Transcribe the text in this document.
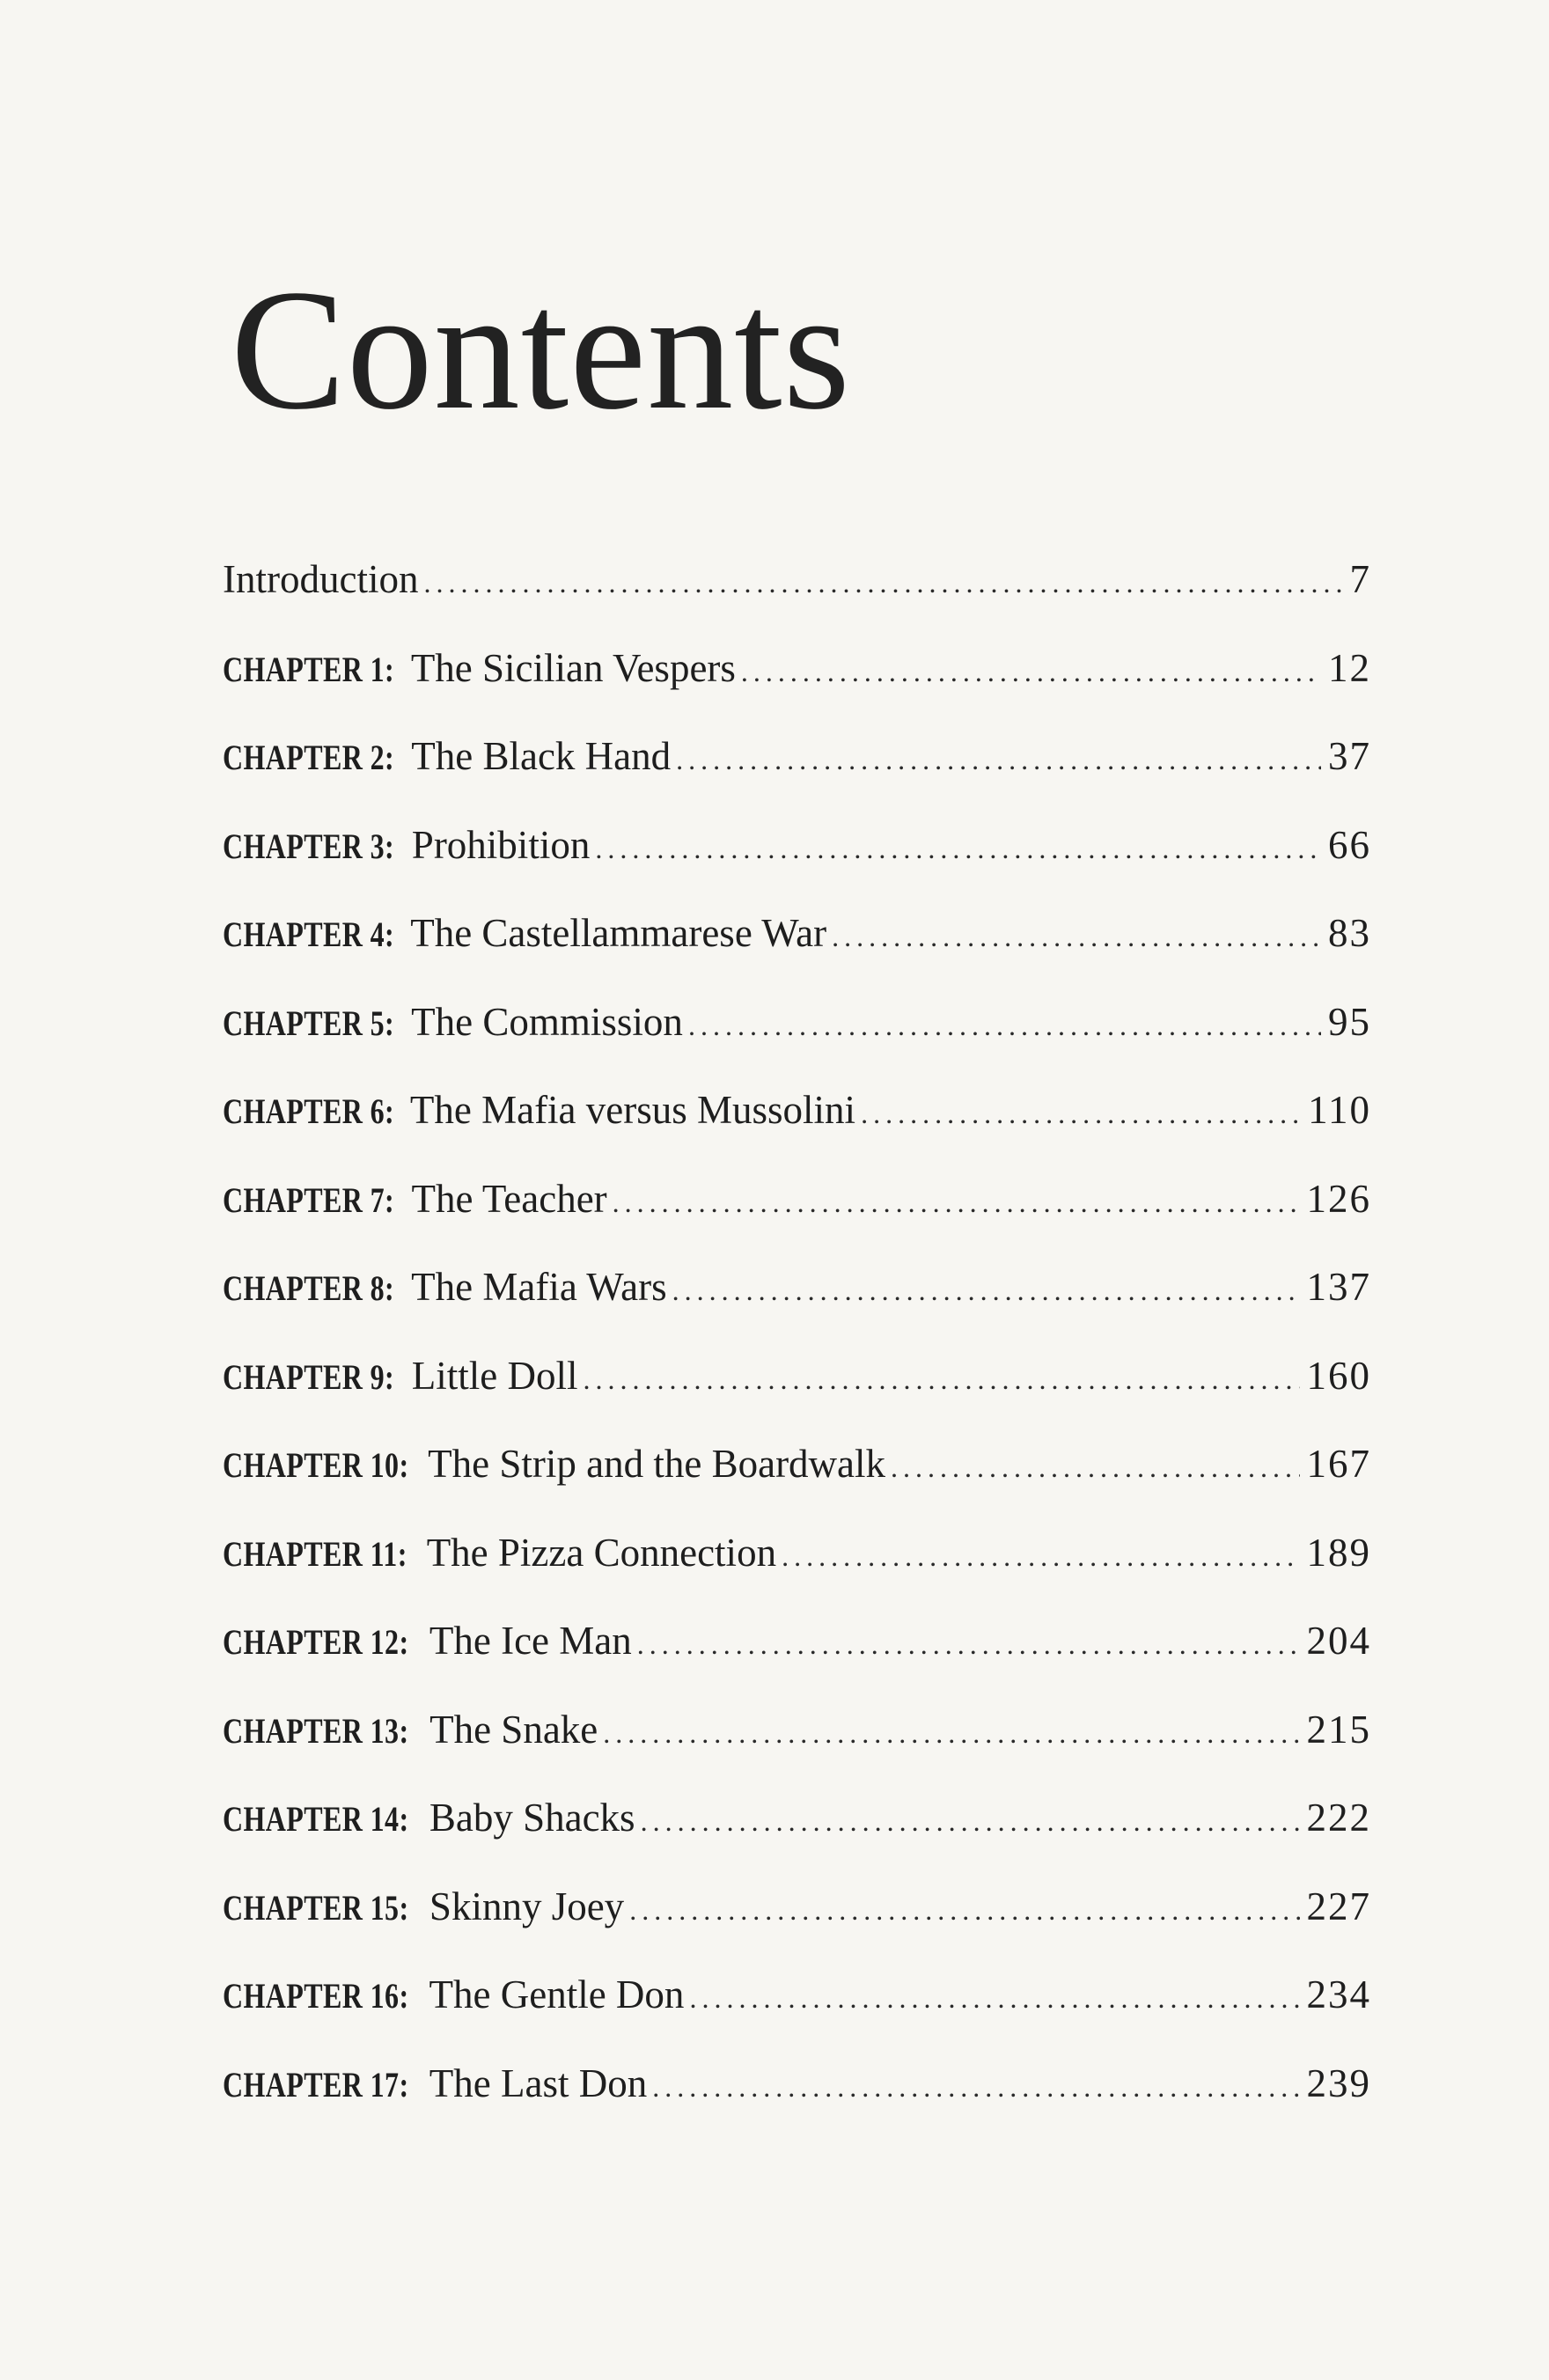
Contents
Introduction .....	7
CHAPTER 1: The Sicilian Vespers .....	12
CHAPTER 2: The Black Hand .....	37
CHAPTER 3: Prohibition .....	66
CHAPTER 4: The Castellammarese War .....	83
CHAPTER 5: The Commission .....	95
CHAPTER 6: The Mafia versus Mussolini .....	110
CHAPTER 7: The Teacher .....	126
CHAPTER 8: The Mafia Wars .....	137
CHAPTER 9: Little Doll .....	160
CHAPTER 10: The Strip and the Boardwalk .....	167
CHAPTER 11: The Pizza Connection .....	189
CHAPTER 12: The Ice Man .....	204
CHAPTER 13: The Snake .....	215
CHAPTER 14: Baby Shacks .....	222
CHAPTER 15: Skinny Joey .....	227
CHAPTER 16: The Gentle Don .....	234
CHAPTER 17: The Last Don .....	239
